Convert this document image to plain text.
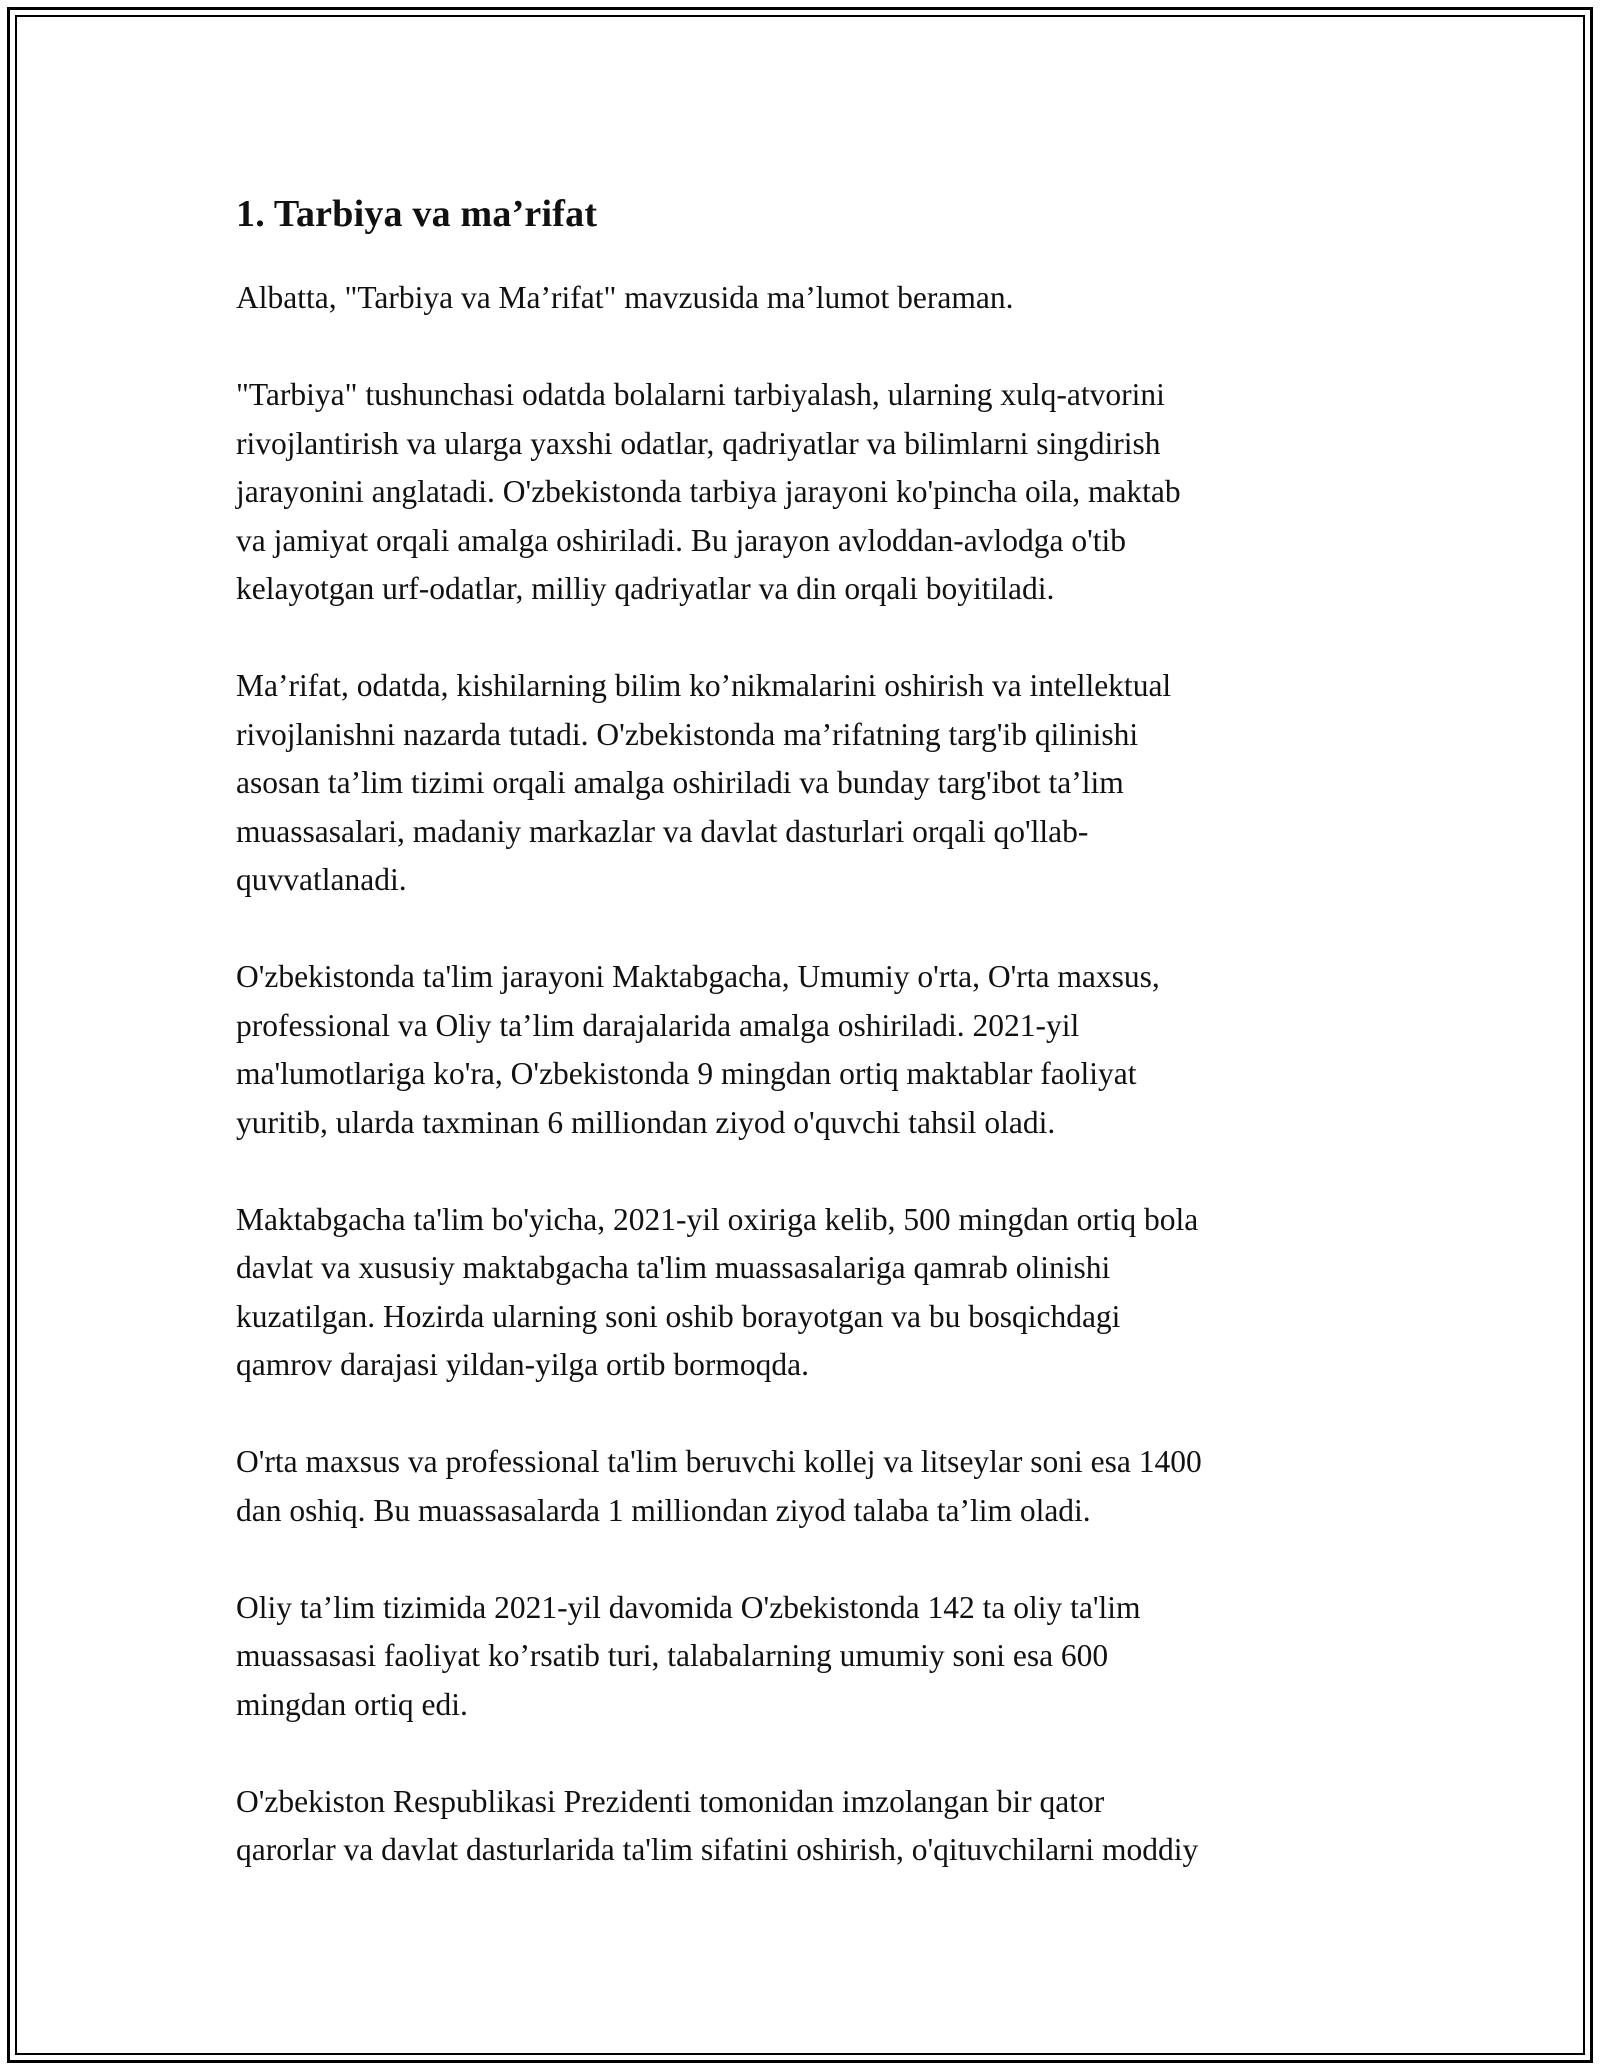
1. Tarbiya va ma’rifat

Albatta, "Tarbiya va Ma’rifat" mavzusida ma’lumot beraman.

"Tarbiya" tushunchasi odatda bolalarni tarbiyalash, ularning xulq-atvorini
rivojlantirish va ularga yaxshi odatlar, qadriyatlar va bilimlarni singdirish
jarayonini anglatadi. O'zbekistonda tarbiya jarayoni ko'pincha oila, maktab
va jamiyat orqali amalga oshiriladi. Bu jarayon avloddan-avlodga o'tib
kelayotgan urf-odatlar, milliy qadriyatlar va din orqali boyitiladi.

Ma’rifat, odatda, kishilarning bilim ko’nikmalarini oshirish va intellektual
rivojlanishni nazarda tutadi. O'zbekistonda ma’rifatning targ'ib qilinishi
asosan ta’lim tizimi orqali amalga oshiriladi va bunday targ'ibot ta’lim
muassasalari, madaniy markazlar va davlat dasturlari orqali qo'llab-
quvvatlanadi.

O'zbekistonda ta'lim jarayoni Maktabgacha, Umumiy o'rta, O'rta maxsus,
professional va Oliy ta’lim darajalarida amalga oshiriladi. 2021-yil
ma'lumotlariga ko'ra, O'zbekistonda 9 mingdan ortiq maktablar faoliyat
yuritib, ularda taxminan 6 milliondan ziyod o'quvchi tahsil oladi.

Maktabgacha ta'lim bo'yicha, 2021-yil oxiriga kelib, 500 mingdan ortiq bola
davlat va xususiy maktabgacha ta'lim muassasalariga qamrab olinishi
kuzatilgan. Hozirda ularning soni oshib borayotgan va bu bosqichdagi
qamrov darajasi yildan-yilga ortib bormoqda.

O'rta maxsus va professional ta'lim beruvchi kollej va litseylar soni esa 1400
dan oshiq. Bu muassasalarda 1 milliondan ziyod talaba ta’lim oladi.

Oliy ta’lim tizimida 2021-yil davomida O'zbekistonda 142 ta oliy ta'lim
muassasasi faoliyat ko’rsatib turi, talabalarning umumiy soni esa 600
mingdan ortiq edi.

O'zbekiston Respublikasi Prezidenti tomonidan imzolangan bir qator
qarorlar va davlat dasturlarida ta'lim sifatini oshirish, o'qituvchilarni moddiy
